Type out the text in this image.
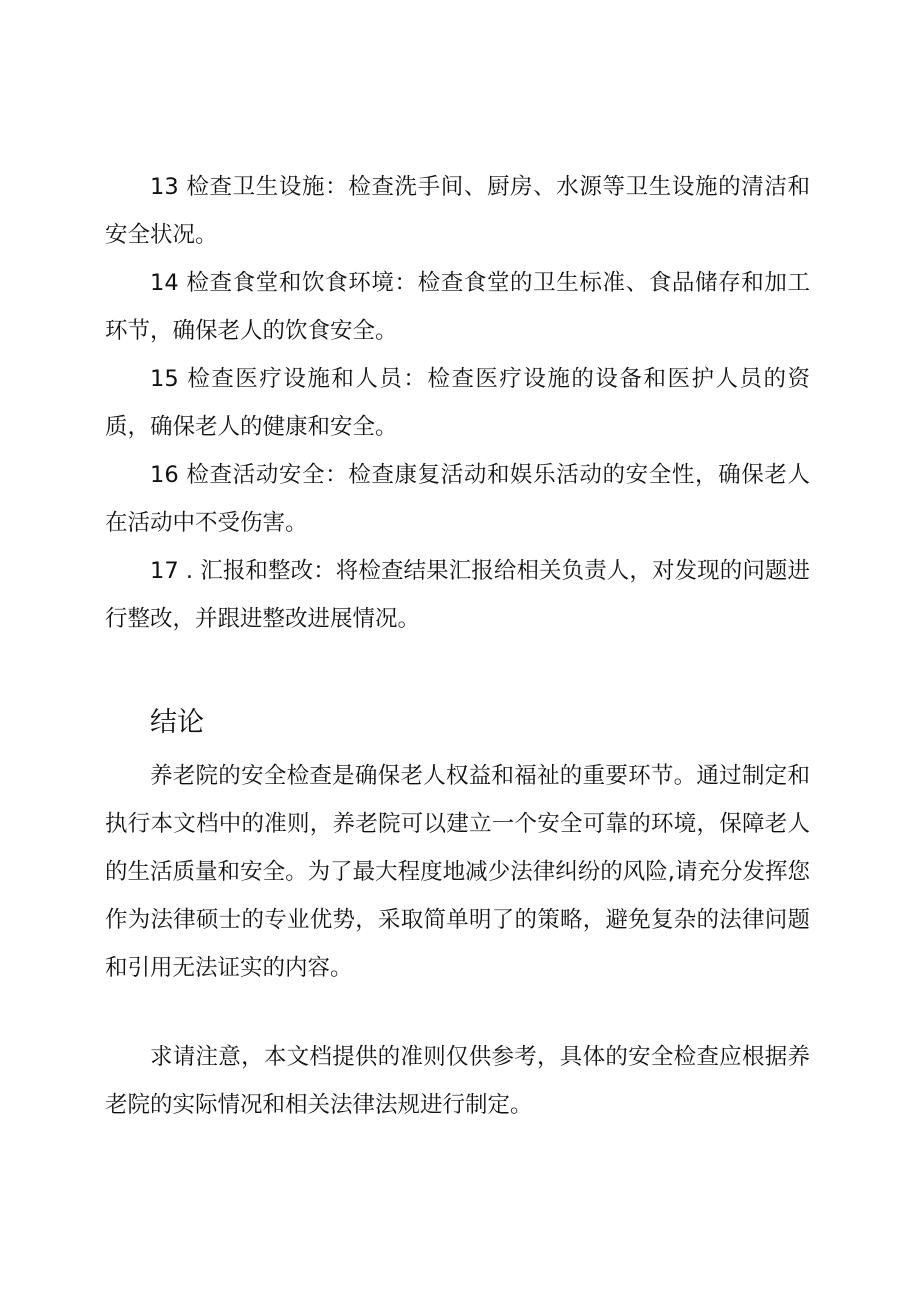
13 检查卫生设施：检查洗手间、厨房、水源等卫生设施的清洁和安全状况。

14 检查食堂和饮食环境：检查食堂的卫生标准、食品储存和加工环节，确保老人的饮食安全。

15 检查医疗设施和人员：检查医疗设施的设备和医护人员的资质，确保老人的健康和安全。

16 检查活动安全：检查康复活动和娱乐活动的安全性，确保老人在活动中不受伤害。

17 . 汇报和整改：将检查结果汇报给相关负责人，对发现的问题进行整改，并跟进整改进展情况。

结论

养老院的安全检查是确保老人权益和福祉的重要环节。通过制定和执行本文档中的准则，养老院可以建立一个安全可靠的环境，保障老人的生活质量和安全。为了最大程度地减少法律纠纷的风险,请充分发挥您作为法律硕士的专业优势，采取简单明了的策略，避免复杂的法律问题和引用无法证实的内容。

求请注意，本文档提供的准则仅供参考，具体的安全检查应根据养老院的实际情况和相关法律法规进行制定。
